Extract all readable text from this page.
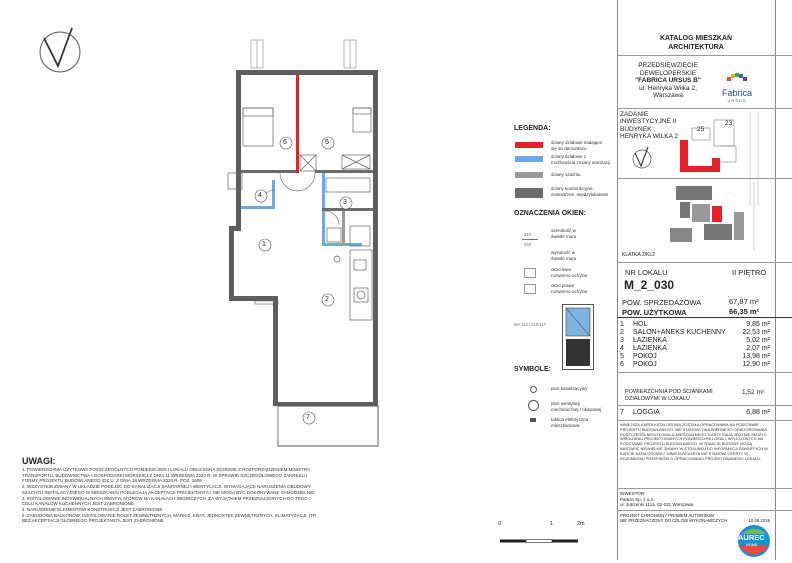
6	5
4
3
1
2
7
LEGENDA:
ściany działowe nadające
się do demontażu
ściany działowe z
możliwością zmiany aranżacji
ściany szachtu
ściany konstrukcyjne,
zewnętrzne, międzylokalowe
OZNACZENIA OKIEN:
210
240
szerokość w
świetle muru
wysokość w
świetle muru
okno lewo
rozwierno-uchylne
okno prawo
rozwierno-uchylne
95+115 / 218/117
SYMBOLE:
pion kanalizacyjny
pion wentylacji
mechanicznej / okapowej
tablica elektryczna
mieszkaniowa
KATALOG MIESZKAŃ
ARCHITEKTURA
PRZEDSIĘWZIĘCIE
DEWELOPERSKIE
"FABRICA URSUS B"
ul. Henryka Wilka 2,
Warszawa	Fabrica
URSUS
ZADANIE
INWESTYCYJNE II
BUDYNEK :
HENRYKA WILKA 2
23
25
KLATKA 2/KL2
NR LOKALU	II PIĘTRO
M_2_030
POW. SPRZEDAŻOWA	67,87 m²
POW. UŻYTKOWA	66,35 m²
1	HOL	9,85 m²
2	SALON+ANEKS KUCHENNY 22,53 m²
3	ŁAZIENKA	5,02 m²
4	ŁAZIENKA	2,07 m²
5	POKÓJ	13,98 m²
6	POKÓJ	12,90 m²
POWIERZCHNIA POD ŚCIANKAMI
DZIAŁOWYMI W LOKALU
1,52 m²
7	LOGGIA	6,88 m²
NINIEJSZA KARTA KATALOGOWA ZOSTAŁA OPRACOWANA NA PODSTAWIE PROJEKTU BUDOWLANEGO. NIE STANOWI ONA WIERNEGO ODWZOROWANIA POSZCZEGÓLNEGO LOKALU MIESZKALNEGO. KARTY MAJĄ JEDYNIE SŁUŻYĆ WSKAZANIU PROJEKTOWANYCH POWIERZCHNI LOKALI, WYLICZONYCH NA PODSTAWIE PROJEKTU BUDOWLANEGO. W TRAKCIE BUDOWY MOGĄ NASTĄPIĆ NIEWIELKIE ZMIANY W STOSUNKU DO INFORMACJI ZAWARTYCH W KARCIE KATALOGOWEJ. NINIEJSZA KARTA NIE STANOWI OFERTY W ROZUMIENIU PRZEPISÓW O OPRACOWANIU PROJEKTOWANEGO LOKALU.
INWESTOR:
Partisn Sp. z o.o.
ul. Jutrzenki 111a, 02-231 Warszawa
PROJEKT CHRONIONY PRAWEM AUTORSKIM
NIE PRZEZNACZONY DO CELÓW WYKONAWCZYCH	10.06.2026
AUREC
HOME
UWAGI:
1. POWIERZCHNIA UŻYTKOWA POSZCZEGÓLNYCH POMIESZCZEŃ I LOKALU OBLICZONA ZGODNIE Z ROZPORZĄDZENIEM MINISTRA TRANSPORTU, BUDOWNICTWA I GOSPODARKI MORSKIEJ Z DNIA 11 WRZEŚNIA 2020 R. W SPRAWIE SZCZEGÓŁOWEGO ZAKRESU I FORMY PROJEKTU BUDOWLANEGO /DZ.U. Z DNIA 18 WRZEŚNIA 2020 R. POZ. 1609
2. WSZYSTKIE ZMIANY W UKŁADZIE PODEJŚĆ DO KANALIZACJI SANITARNEJ I WENTYLACJI, WYMAGAJĄCE NARUSZENIA OBUDOWY SZACHTU INSTALACYJNEGO W MIESZKANIU PODLEGAJĄ AKCEPTACJI PROJEKTANTA I NIE MOGĄ BYĆ DOKONYWANE SAMODZIELNIE.
3. INSTALOWANIE INDYWIDUALNYCH WENTYLATORÓW NA KANAŁACH ZBIORCZYCH, ZA WYJĄTKIEM PRZEZNACZONYCH DO TEGO CELU KANAŁÓW KUCHENNYCH JEST ZABRONIONE.
4. NARUSZENIE ELEMENTÓW KONSTRUKCJI JEST ZABRONIONE
5. ZABUDOWA BALKONÓW, INSTALOWANIE ROLET ZEWNĘTRZNYCH, MARKIZ, KRAT, JEDNOSTEK ZEWNĘTRZNYCH, KLIMATYZACJI, ITP. BEZ AKCEPTACJI GŁÓWNEGO PROJEKTANTA JEST ZABRONIONE
0	1	2m
